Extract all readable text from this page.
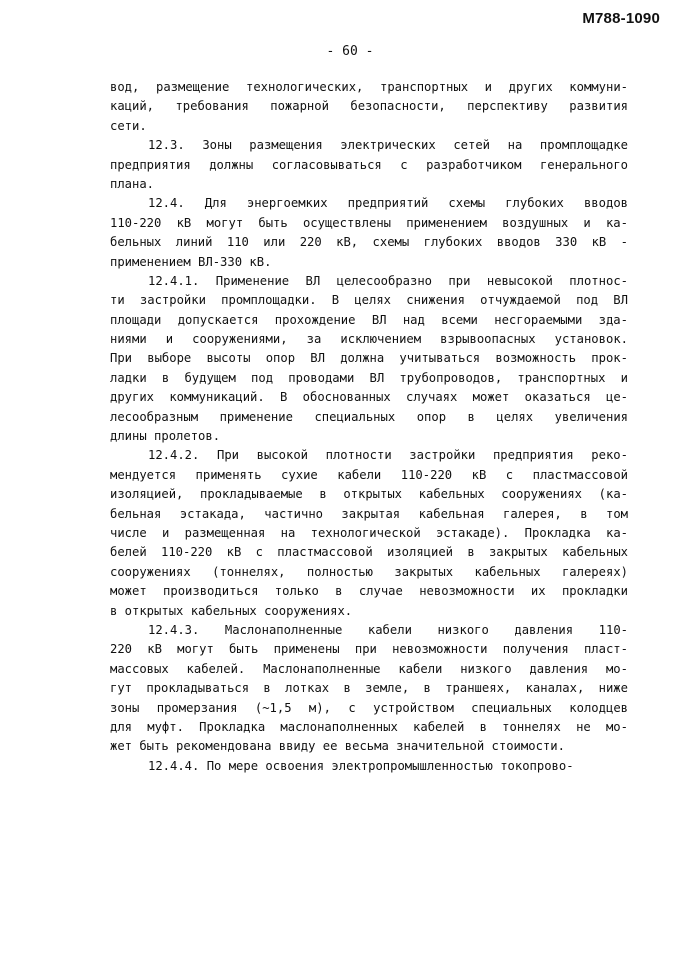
М788-1090
- 60 -
вод, размещение технологических, транспортных и других коммуни-
каций, требования пожарной безопасности, перспективу развития
сети.
12.3. Зоны размещения электрических сетей на промплощадке
предприятия должны согласовываться с разработчиком генерального
плана.
12.4. Для энергоемких предприятий схемы глубоких вводов
110-220 кВ могут быть осуществлены применением воздушных и ка-
бельных линий 110 или 220 кВ, схемы глубоких вводов 330 кВ -
применением ВЛ-330 кВ.
12.4.1. Применение ВЛ целесообразно при невысокой плотнос-
ти застройки промплощадки. В целях снижения отчуждаемой под ВЛ
площади допускается прохождение ВЛ над всеми несгораемыми зда-
ниями и сооружениями, за исключением взрывоопасных установок.
При выборе высоты опор ВЛ должна учитываться возможность прок-
ладки в будущем под проводами ВЛ трубопроводов, транспортных и
других коммуникаций. В обоснованных случаях может оказаться це-
лесообразным применение специальных опор в целях увеличения
длины пролетов.
12.4.2. При высокой плотности застройки предприятия реко-
мендуется применять сухие кабели 110-220 кВ с пластмассовой
изоляцией, прокладываемые в открытых кабельных сооружениях (ка-
бельная эстакада, частично закрытая кабельная галерея, в том
числе и размещенная на технологической эстакаде). Прокладка ка-
белей 110-220 кВ с пластмассовой изоляцией в закрытых кабельных
сооружениях (тоннелях, полностью закрытых кабельных галереях)
может производиться только в случае невозможности их прокладки
в открытых кабельных сооружениях.
12.4.3. Маслонаполненные кабели низкого давления 110-
220 кВ могут быть применены при невозможности получения пласт-
массовых кабелей. Маслонаполненные кабели низкого давления мо-
гут прокладываться в лотках в земле, в траншеях, каналах, ниже
зоны промерзания (~1,5 м), с устройством специальных колодцев
для муфт. Прокладка маслонаполненных кабелей в тоннелях не мо-
жет быть рекомендована ввиду ее весьма значительной стоимости.
12.4.4. По мере освоения электропромышленностью токопрово-
